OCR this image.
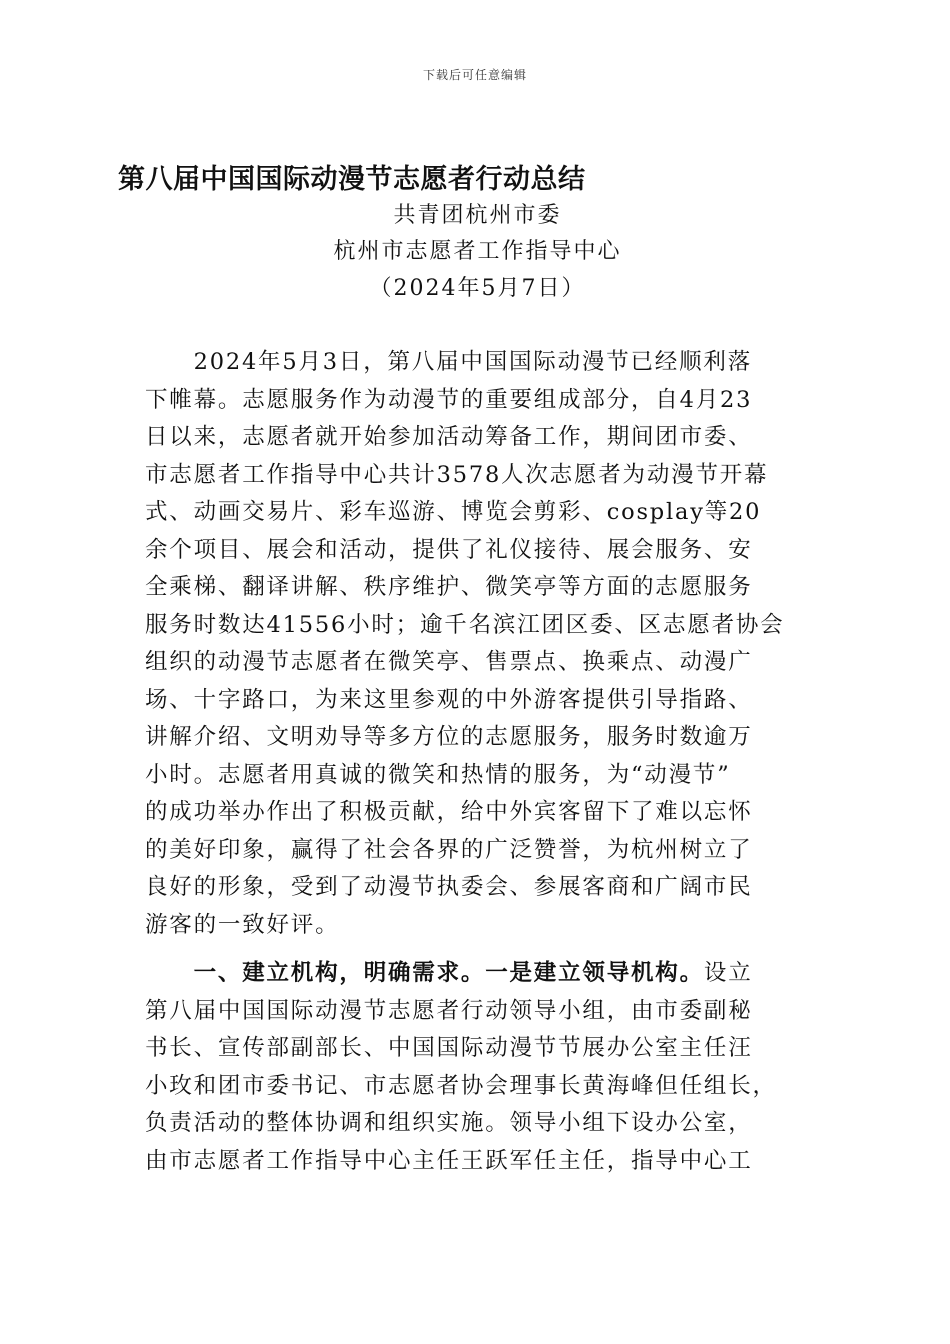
下载后可任意编辑
第八届中国国际动漫节志愿者行动总结
共青团杭州市委
杭州市志愿者工作指导中心
（2024年5月7日）
　　2024年5月3日，第八届中国国际动漫节已经顺利落
下帷幕。志愿服务作为动漫节的重要组成部分，自4月23
日以来，志愿者就开始参加活动筹备工作，期间团市委、
市志愿者工作指导中心共计3578人次志愿者为动漫节开幕
式、动画交易片、彩车巡游、博览会剪彩、cosplay等20
余个项目、展会和活动，提供了礼仪接待、展会服务、安
全乘梯、翻译讲解、秩序维护、微笑亭等方面的志愿服务
服务时数达41556小时；逾千名滨江团区委、区志愿者协会
组织的动漫节志愿者在微笑亭、售票点、换乘点、动漫广
场、十字路口，为来这里参观的中外游客提供引导指路、
讲解介绍、文明劝导等多方位的志愿服务，服务时数逾万
小时。志愿者用真诚的微笑和热情的服务，为“动漫节”
的成功举办作出了积极贡献，给中外宾客留下了难以忘怀
的美好印象，赢得了社会各界的广泛赞誉，为杭州树立了
良好的形象，受到了动漫节执委会、参展客商和广阔市民
游客的一致好评。
　　一、建立机构，明确需求。一是建立领导机构。设立
第八届中国国际动漫节志愿者行动领导小组，由市委副秘
书长、宣传部副部长、中国国际动漫节节展办公室主任汪
小玫和团市委书记、市志愿者协会理事长黄海峰但任组长，
负责活动的整体协调和组织实施。领导小组下设办公室，
由市志愿者工作指导中心主任王跃军任主任，指导中心工
